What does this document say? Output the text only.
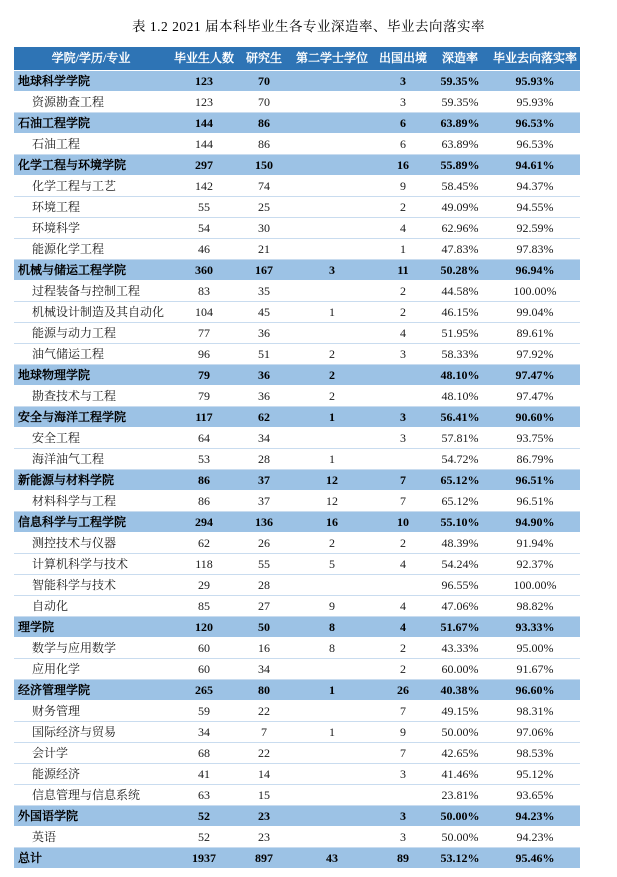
表 1.2 2021 届本科毕业生各专业深造率、毕业去向落实率
学院/学历/专业	毕业生人数	研究生	第二学士学位	出国出境	深造率	毕业去向落实率
地球科学学院	123	70		3	59.35%	95.93%
资源勘查工程	123	70		3	59.35%	95.93%
石油工程学院	144	86		6	63.89%	96.53%
石油工程	144	86		6	63.89%	96.53%
化学工程与环境学院	297	150		16	55.89%	94.61%
化学工程与工艺	142	74		9	58.45%	94.37%
环境工程	55	25		2	49.09%	94.55%
环境科学	54	30		4	62.96%	92.59%
能源化学工程	46	21		1	47.83%	97.83%
机械与储运工程学院	360	167	3	11	50.28%	96.94%
过程装备与控制工程	83	35		2	44.58%	100.00%
机械设计制造及其自动化	104	45	1	2	46.15%	99.04%
能源与动力工程	77	36		4	51.95%	89.61%
油气储运工程	96	51	2	3	58.33%	97.92%
地球物理学院	79	36	2		48.10%	97.47%
勘查技术与工程	79	36	2		48.10%	97.47%
安全与海洋工程学院	117	62	1	3	56.41%	90.60%
安全工程	64	34		3	57.81%	93.75%
海洋油气工程	53	28	1		54.72%	86.79%
新能源与材料学院	86	37	12	7	65.12%	96.51%
材料科学与工程	86	37	12	7	65.12%	96.51%
信息科学与工程学院	294	136	16	10	55.10%	94.90%
测控技术与仪器	62	26	2	2	48.39%	91.94%
计算机科学与技术	118	55	5	4	54.24%	92.37%
智能科学与技术	29	28			96.55%	100.00%
自动化	85	27	9	4	47.06%	98.82%
理学院	120	50	8	4	51.67%	93.33%
数学与应用数学	60	16	8	2	43.33%	95.00%
应用化学	60	34		2	60.00%	91.67%
经济管理学院	265	80	1	26	40.38%	96.60%
财务管理	59	22		7	49.15%	98.31%
国际经济与贸易	34	7	1	9	50.00%	97.06%
会计学	68	22		7	42.65%	98.53%
能源经济	41	14		3	41.46%	95.12%
信息管理与信息系统	63	15			23.81%	93.65%
外国语学院	52	23		3	50.00%	94.23%
英语	52	23		3	50.00%	94.23%
总计	1937	897	43	89	53.12%	95.46%
